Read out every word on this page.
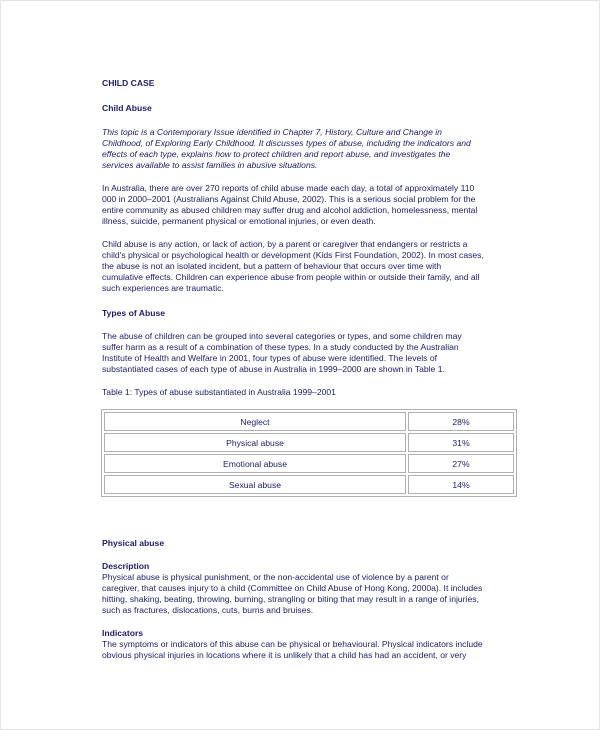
CHILD CASE
Child Abuse
This topic is a Contemporary Issue identified in Chapter 7, History, Culture and Change in
Childhood, of Exploring Early Childhood. It discusses types of abuse, including the indicators and
effects of each type, explains how to protect children and report abuse, and investigates the
services available to assist families in abusive situations.
In Australia, there are over 270 reports of child abuse made each day, a total of approximately 110
000 in 2000–2001 (Australians Against Child Abuse, 2002). This is a serious social problem for the
entire community as abused children may suffer drug and alcohol addiction, homelessness, mental
illness, suicide, permanent physical or emotional injuries, or even death.
Child abuse is any action, or lack of action, by a parent or caregiver that endangers or restricts a
child's physical or psychological health or development (Kids First Foundation, 2002). In most cases,
the abuse is not an isolated incident, but a pattern of behaviour that occurs over time with
cumulative effects. Children can experience abuse from people within or outside their family, and all
such experiences are traumatic.
Types of Abuse
The abuse of children can be grouped into several categories or types, and some children may
suffer harm as a result of a combination of these types. In a study conducted by the Australian
Institute of Health and Welfare in 2001, four types of abuse were identified. The levels of
substantiated cases of each type of abuse in Australia in 1999–2000 are shown in Table 1.
Table 1: Types of abuse substantiated in Australia 1999–2001
Neglect	28%
Physical abuse	31%
Emotional abuse	27%
Sexual abuse	14%
Physical abuse
Description
Physical abuse is physical punishment, or the non-accidental use of violence by a parent or
caregiver, that causes injury to a child (Committee on Child Abuse of Hong Kong, 2000a). It includes
hitting, shaking, beating, throwing, burning, strangling or biting that may result in a range of injuries,
such as fractures, dislocations, cuts, burns and bruises.
Indicators
The symptoms or indicators of this abuse can be physical or behavioural. Physical indicators include
obvious physical injuries in locations where it is unlikely that a child has had an accident, or very
